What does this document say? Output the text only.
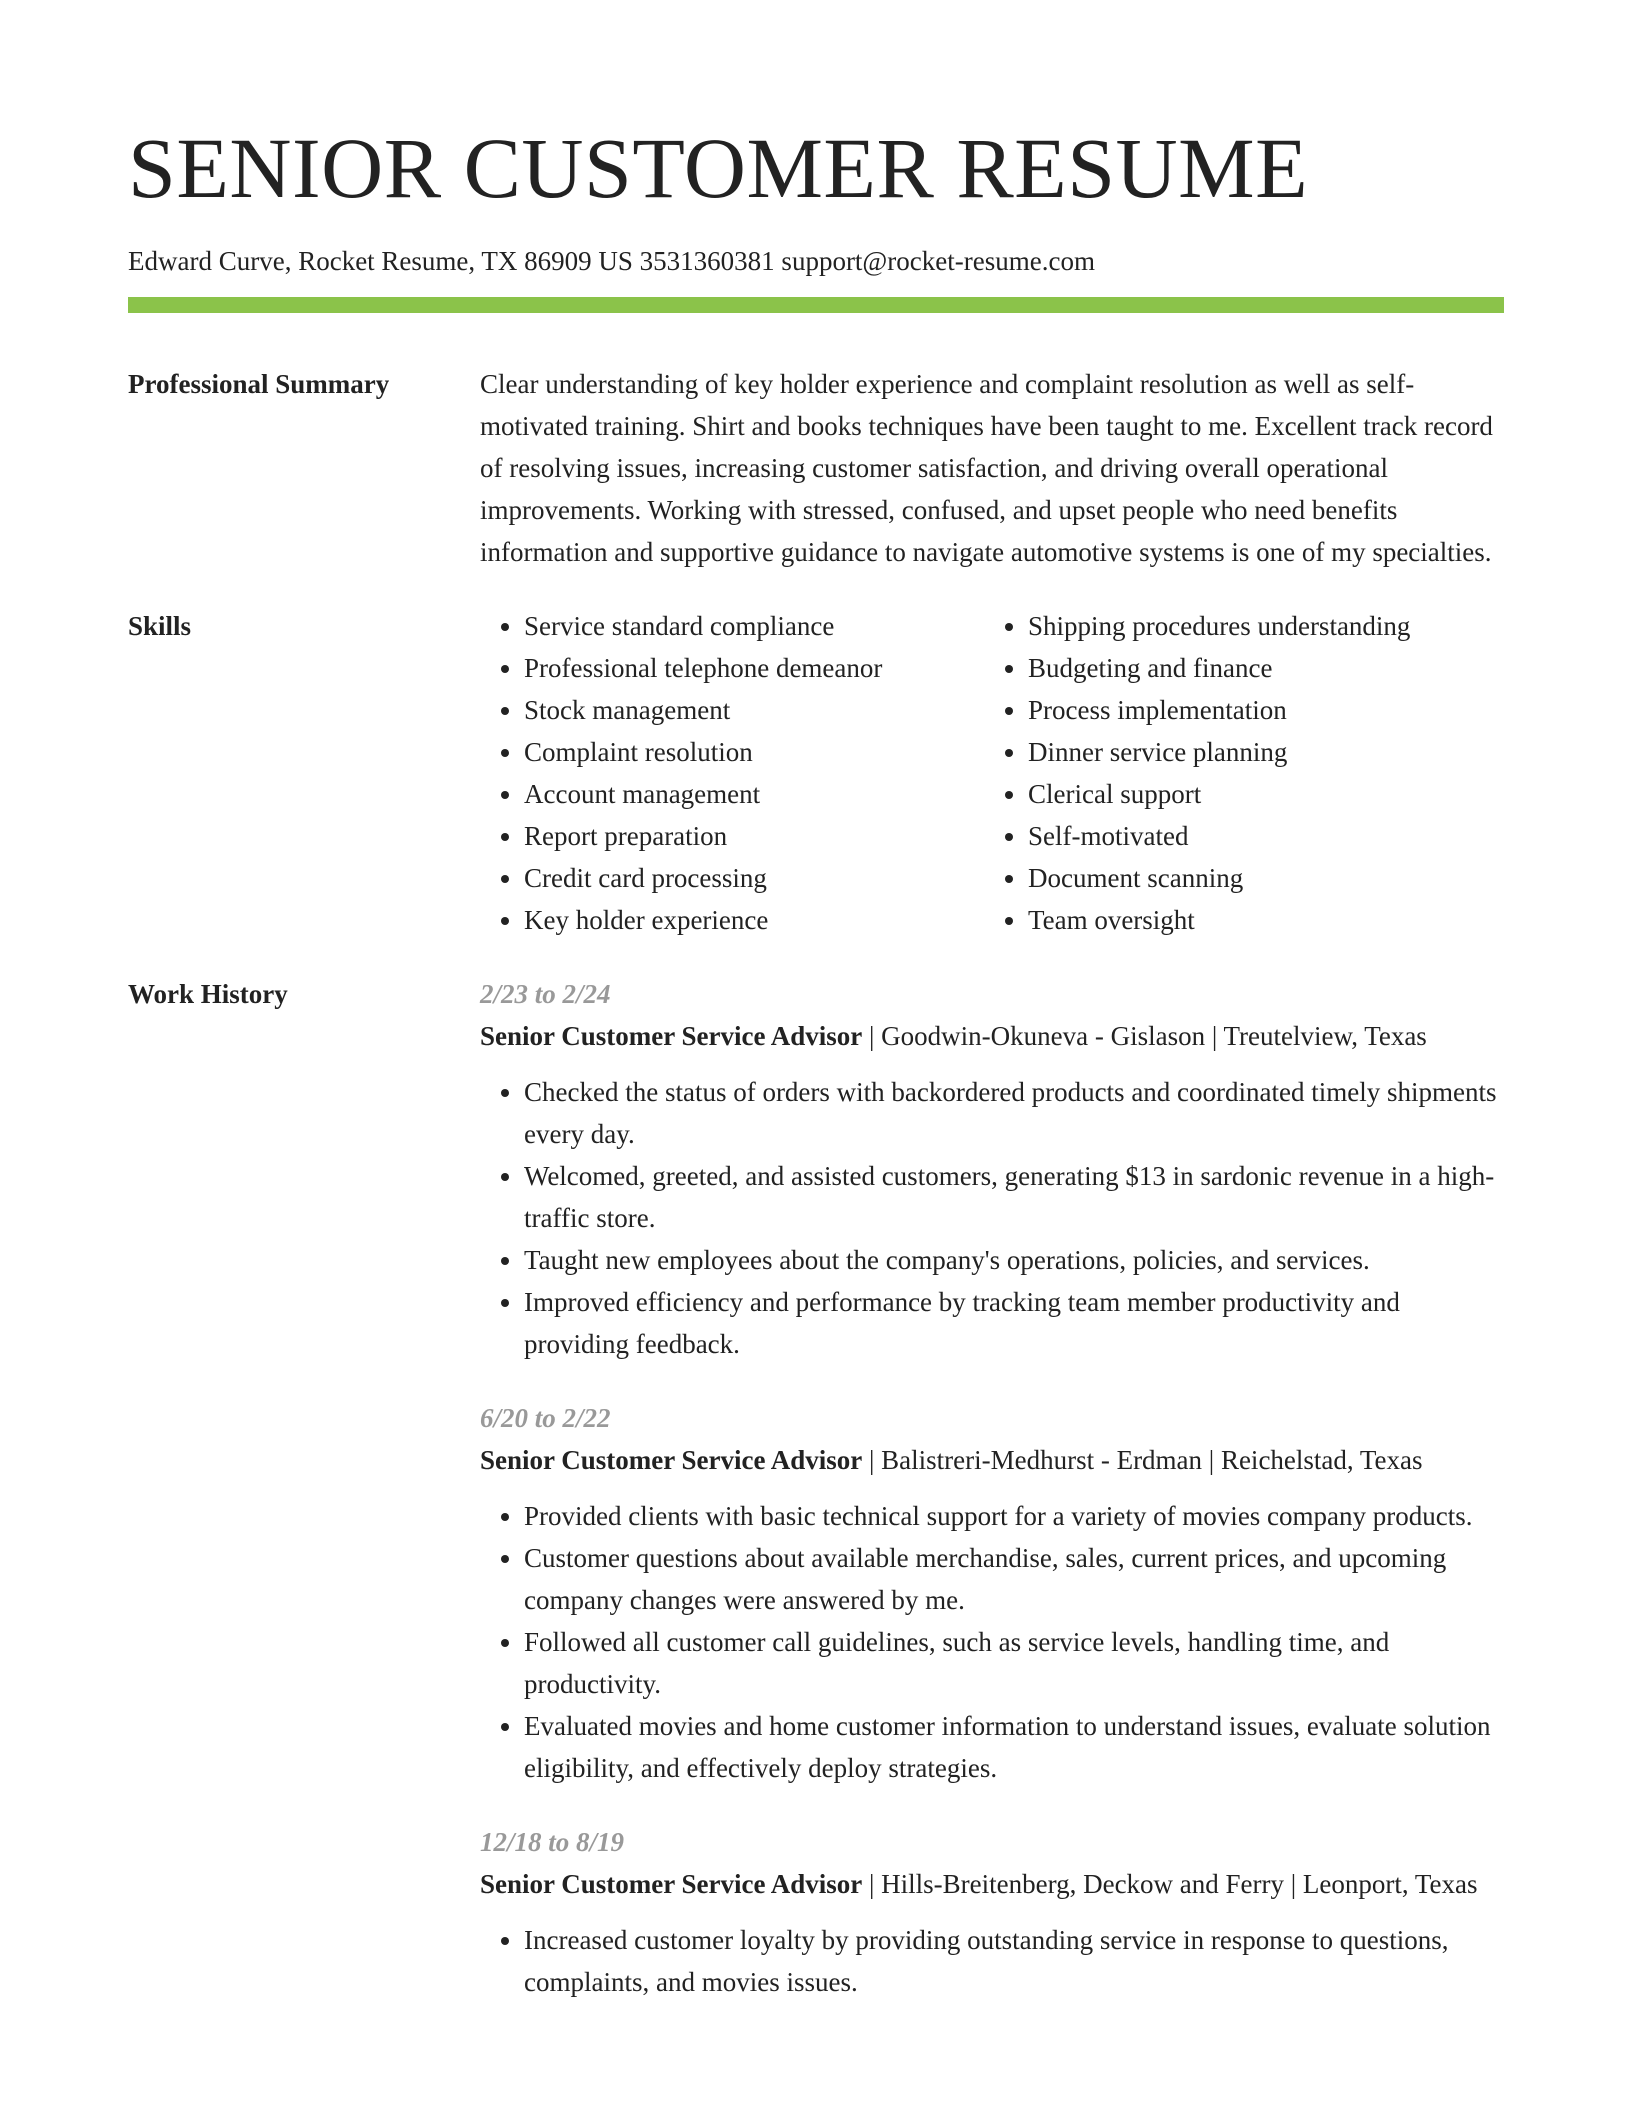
SENIOR CUSTOMER RESUME
Edward Curve, Rocket Resume, TX 86909 US 3531360381 support@rocket-resume.com
Professional Summary	Clear understanding of key holder experience and complaint resolution as well as self-motivated training. Shirt and books techniques have been taught to me. Excellent track record of resolving issues, increasing customer satisfaction, and driving overall operational improvements. Working with stressed, confused, and upset people who need benefits information and supportive guidance to navigate automotive systems is one of my specialties.

Skills
•	Service standard compliance
• Professional telephone demeanor
• Stock management
• Complaint resolution
• Account management
• Report preparation
• Credit card processing
• Key holder experience
• Shipping procedures understanding
• Budgeting and finance
• Process implementation
• Dinner service planning
• Clerical support
• Self-motivated
• Document scanning
• Team oversight
Work History	2/23 to 2/24
Senior Customer Service Advisor | Goodwin-Okuneva - Gislason | Treutelview, Texas
• Checked the status of orders with backordered products and coordinated timely shipments every day.
• Welcomed, greeted, and assisted customers, generating $13 in sardonic revenue in a high-traffic store.
• Taught new employees about the company's operations, policies, and services.
• Improved efficiency and performance by tracking team member productivity and providing feedback.
6/20 to 2/22
Senior Customer Service Advisor | Balistreri-Medhurst - Erdman | Reichelstad, Texas
• Provided clients with basic technical support for a variety of movies company products.
• Customer questions about available merchandise, sales, current prices, and upcoming company changes were answered by me.
• Followed all customer call guidelines, such as service levels, handling time, and productivity.
• Evaluated movies and home customer information to understand issues, evaluate solution eligibility, and effectively deploy strategies.
12/18 to 8/19
Senior Customer Service Advisor | Hills-Breitenberg, Deckow and Ferry | Leonport, Texas
• Increased customer loyalty by providing outstanding service in response to questions, complaints, and movies issues.
